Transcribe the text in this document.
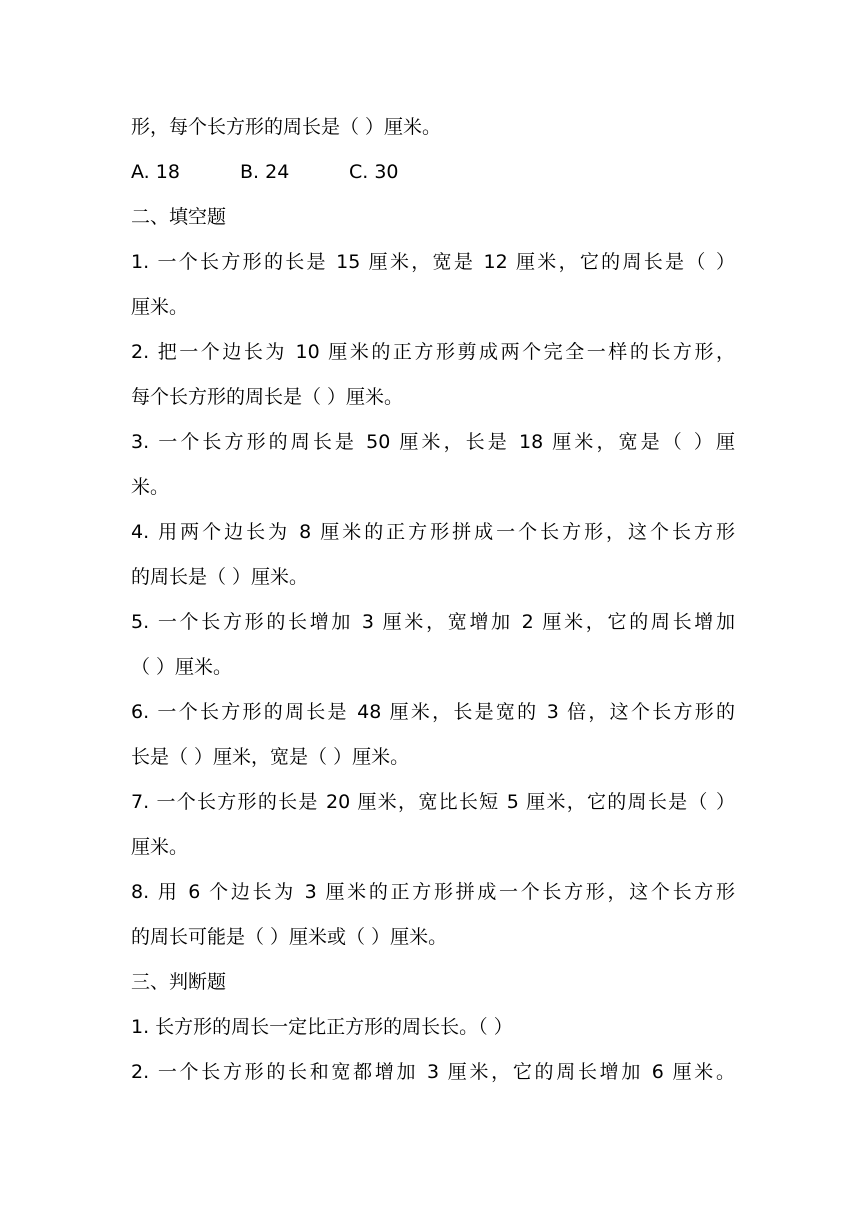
形，每个长方形的周长是（ ）厘米。
A. 18	B. 24	C. 30
二、填空题
1. 一个长方形的长是 15 厘米，宽是 12 厘米，它的周长是（ ）
厘米。
2. 把一个边长为 10 厘米的正方形剪成两个完全一样的长方形，
每个长方形的周长是（ ）厘米。
3. 一个长方形的周长是 50 厘米，长是 18 厘米，宽是（ ）厘
米。
4. 用两个边长为 8 厘米的正方形拼成一个长方形，这个长方形
的周长是（ ）厘米。
5. 一个长方形的长增加 3 厘米，宽增加 2 厘米，它的周长增加
（ ）厘米。
6. 一个长方形的周长是 48 厘米，长是宽的 3 倍，这个长方形的
长是（ ）厘米，宽是（ ）厘米。
7. 一个长方形的长是 20 厘米，宽比长短 5 厘米，它的周长是（ ）
厘米。
8. 用 6 个边长为 3 厘米的正方形拼成一个长方形，这个长方形
的周长可能是（ ）厘米或（ ）厘米。
三、判断题
1. 长方形的周长一定比正方形的周长长。（ ）
2. 一个长方形的长和宽都增加 3 厘米，它的周长增加 6 厘米。
